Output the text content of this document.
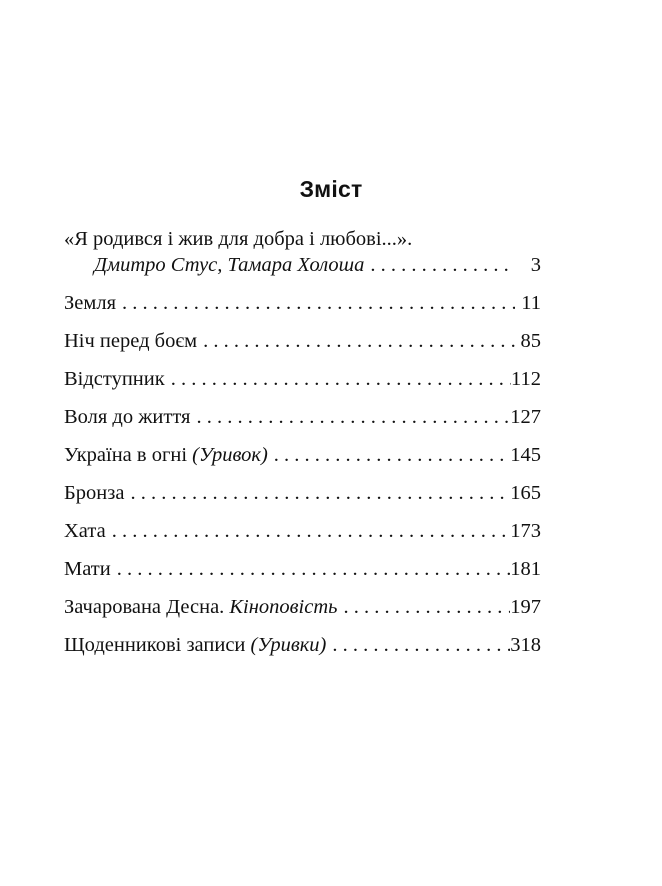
Зміст
«Я родився і жив для добра і любові...».
Дмитро Стус, Тамара Холоша . . .	3
Земля . . .	11
Ніч перед боєм . . .	85
Відступник . . .	112
Воля до життя . . .	127
Україна в огні (Уривок) . . .	145
Бронза . . .	165
Хата . . .	173
Мати . . .	181
Зачарована Десна. Кіноповість . . .	197
Щоденникові записи (Уривки) . . .	318
